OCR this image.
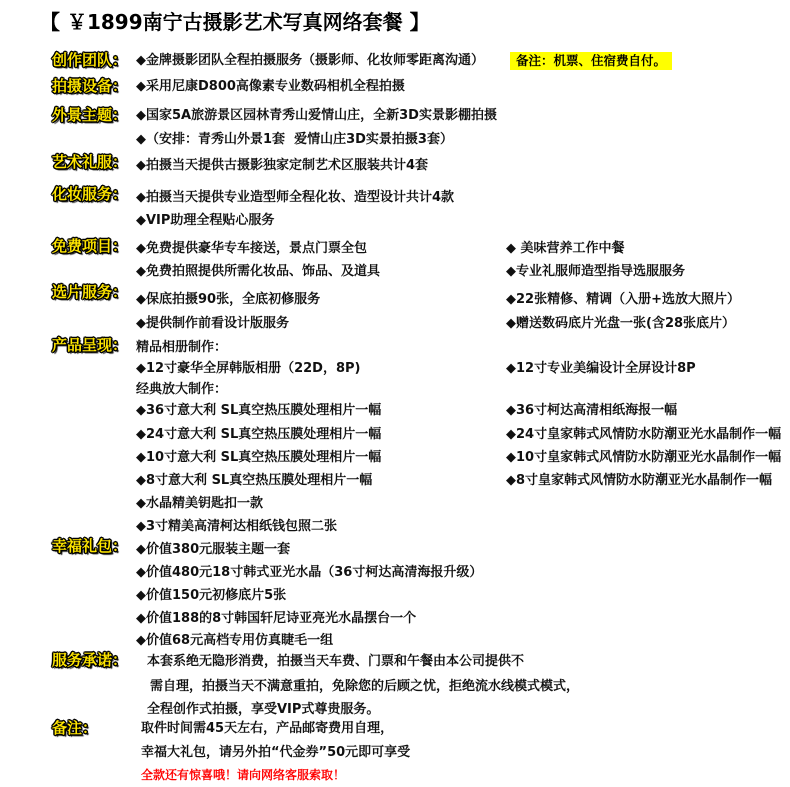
【 ￥1899南宁古摄影艺术写真网络套餐 】
创作团队： ◆金牌摄影团队全程拍摄服务（摄影师、化妆师零距离沟通）	备注：机票、住宿费自付。
拍摄设备： ◆采用尼康D800高像素专业数码相机全程拍摄
外景主题： ◆国家5A旅游景区园林青秀山爱情山庄，全新3D实景影棚拍摄
◆（安排：青秀山外景1套  爱情山庄3D实景拍摄3套）
艺术礼服： ◆拍摄当天提供古摄影独家定制艺术区服装共计4套
化妆服务： ◆拍摄当天提供专业造型师全程化妆、造型设计共计4款
◆VIP助理全程贴心服务
免费项目： ◆免费提供豪华专车接送，景点门票全包	◆ 美味营养工作中餐
◆免费拍照提供所需化妆品、饰品、及道具	◆专业礼服师造型指导选服服务
选片服务： ◆保底拍摄90张，全底初修服务	◆22张精修、精调（入册+选放大照片）
◆提供制作前看设计版服务	◆赠送数码底片光盘一张(含28张底片）
产品呈现： 精品相册制作：
◆12寸豪华全屏韩版相册（22D，8P)	◆12寸专业美编设计全屏设计8P
经典放大制作：
◆36寸意大利 SL真空热压膜处理相片一幅	◆36寸柯达高清相纸海报一幅
◆24寸意大利 SL真空热压膜处理相片一幅	◆24寸皇家韩式风情防水防潮亚光水晶制作一幅
◆10寸意大利 SL真空热压膜处理相片一幅	◆10寸皇家韩式风情防水防潮亚光水晶制作一幅
◆8寸意大利 SL真空热压膜处理相片一幅	◆8寸皇家韩式风情防水防潮亚光水晶制作一幅
◆水晶精美钥匙扣一款
◆3寸精美高清柯达相纸钱包照二张
幸福礼包： ◆价值380元服装主题一套
◆价值480元18寸韩式亚光水晶（36寸柯达高清海报升级）
◆价值150元初修底片5张
◆价值188的8寸韩国轩尼诗亚亮光水晶摆台一个
◆价值68元高档专用仿真睫毛一组
服务承诺： 本套系绝无隐形消费，拍摄当天车费、门票和午餐由本公司提供不
需自理，拍摄当天不满意重拍，免除您的后顾之忧，拒绝流水线模式模式，
全程创作式拍摄，享受VIP式尊贵服务。
备注：	取件时间需45天左右，产品邮寄费用自理，
幸福大礼包，请另外拍“代金券”50元即可享受
全款还有惊喜哦！请向网络客服索取！
